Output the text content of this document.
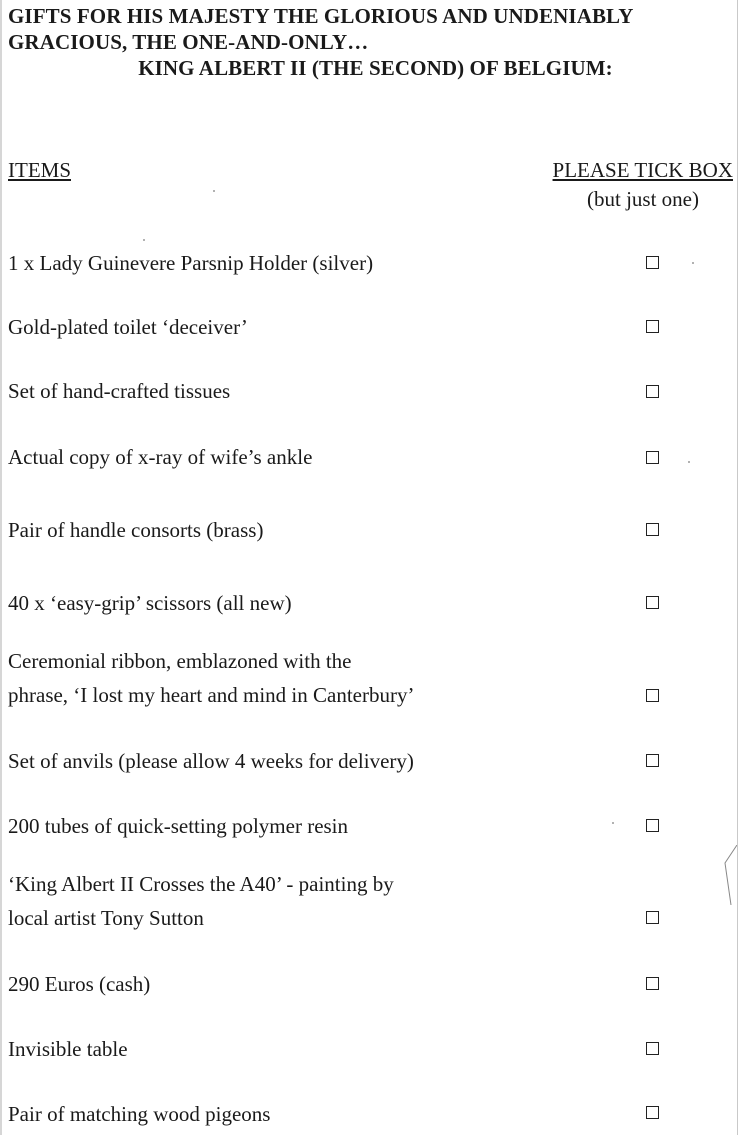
GIFTS FOR HIS MAJESTY THE GLORIOUS AND UNDENIABLY
GRACIOUS, THE ONE-AND-ONLY…
KING ALBERT II (THE SECOND) OF BELGIUM:
ITEMS	PLEASE TICK BOX
(but just one)
1 x Lady Guinevere Parsnip Holder (silver)
Gold-plated toilet ‘deceiver’
Set of hand-crafted tissues
Actual copy of x-ray of wife’s ankle
Pair of handle consorts (brass)
40 x ‘easy-grip’ scissors (all new)
Ceremonial ribbon, emblazoned with the
phrase, ‘I lost my heart and mind in Canterbury’
Set of anvils (please allow 4 weeks for delivery)
200 tubes of quick-setting polymer resin
‘King Albert II Crosses the A40’ - painting by
local artist Tony Sutton
290 Euros (cash)
Invisible table
Pair of matching wood pigeons
